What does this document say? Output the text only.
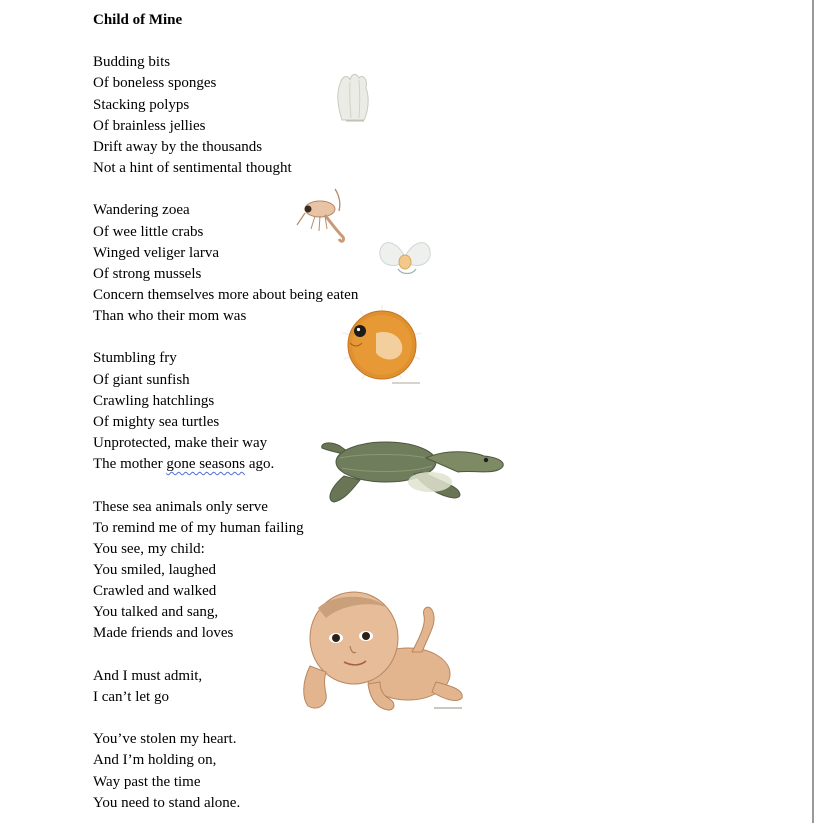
Child of Mine
Budding bits
Of boneless sponges
Stacking polyps
Of brainless jellies
Drift away by the thousands
Not a hint of sentimental thought
Wandering zoea
Of wee little crabs
Winged veliger larva
Of strong mussels
Concern themselves more about being eaten
Than who their mom was
Stumbling fry
Of giant sunfish
Crawling hatchlings
Of mighty sea turtles
Unprotected, make their way
The mother gone seasons ago.
These sea animals only serve
To remind me of my human failing
You see, my child:
You smiled, laughed
Crawled and walked
You talked and sang,
Made friends and loves
And I must admit,
I can’t let go
You’ve stolen my heart.
And I’m holding on,
Way past the time
You need to stand alone.
